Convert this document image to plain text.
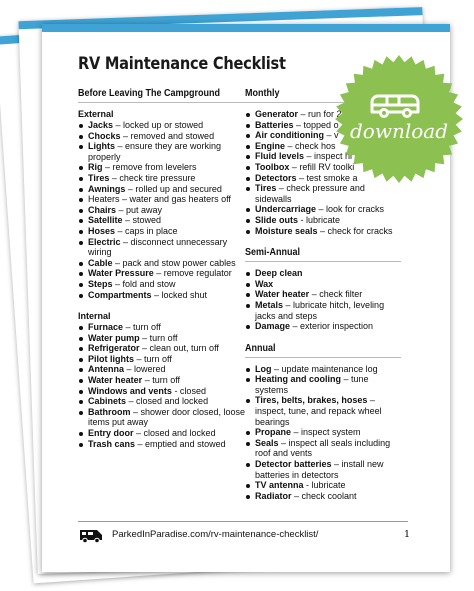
RV Maintenance Checklist
Before Leaving The Campground
External
Jacks – locked up or stowed
Chocks – removed and stowed
Lights – ensure they are working properly
Rig – remove from levelers
Tires – check tire pressure
Awnings – rolled up and secured
Heaters – water and gas heaters off
Chairs – put away
Satellite – stowed
Hoses – caps in place
Electric – disconnect unnecessary wiring
Cable – pack and stow power cables
Water Pressure – remove regulator
Steps – fold and stow
Compartments – locked shut
Internal
Furnace – turn off
Water pump – turn off
Refrigerator – clean out, turn off
Pilot lights – turn off
Antenna – lowered
Water heater – turn off
Windows and vents - closed
Cabinets – closed and locked
Bathroom – shower door closed, loose items put away
Entry door – closed and locked
Trash cans – emptied and stowed
Monthly
Generator – run for 2
Batteries – topped o
Air conditioning – v
Engine – check hos
Fluid levels – inspect hi
Toolbox – refill RV toolki
Detectors – test smoke a
Tires – check pressure and sidewalls
Undercarriage – look for cracks
Slide outs - lubricate
Moisture seals – check for cracks
Semi-Annual
Deep clean
Wax
Water heater – check filter
Metals – lubricate hitch, leveling jacks and steps
Damage – exterior inspection
Annual
Log – update maintenance log
Heating and cooling – tune systems
Tires, belts, brakes, hoses – inspect, tune, and repack wheel bearings
Propane – inspect system
Seals – inspect all seals including roof and vents
Detector batteries – install new batteries in detectors
TV antenna - lubricate
Radiator – check coolant
ParkedInParadise.com/rv-maintenance-checklist/	1
download
